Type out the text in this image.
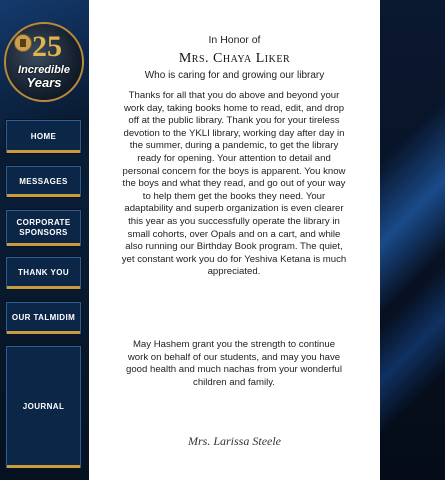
25
Incredible
Years
HOME
MESSAGES
CORPORATE SPONSORS
THANK YOU
OUR TALMIDIM
JOURNAL
In Honor of
Mrs. Chaya Liker
Who is caring for and growing our library
Thanks for all that you do above and beyond your work day, taking books home to read, edit, and drop off at the public library. Thank you for your tireless devotion to the YKLI library, working day after day in the summer, during a pandemic, to get the library ready for opening. Your attention to detail and personal concern for the boys is apparent. You know the boys and what they read, and go out of your way to help them get the books they need. Your adaptability and superb organization is even clearer this year as you successfully operate the library in small cohorts, over Opals and on a cart, and while also running our Birthday Book program. The quiet, yet constant work you do for Yeshiva Ketana is much appreciated.
May Hashem grant you the strength to continue work on behalf of our students, and may you have good health and much nachas from your wonderful children and family.
Mrs. Larissa Steele
